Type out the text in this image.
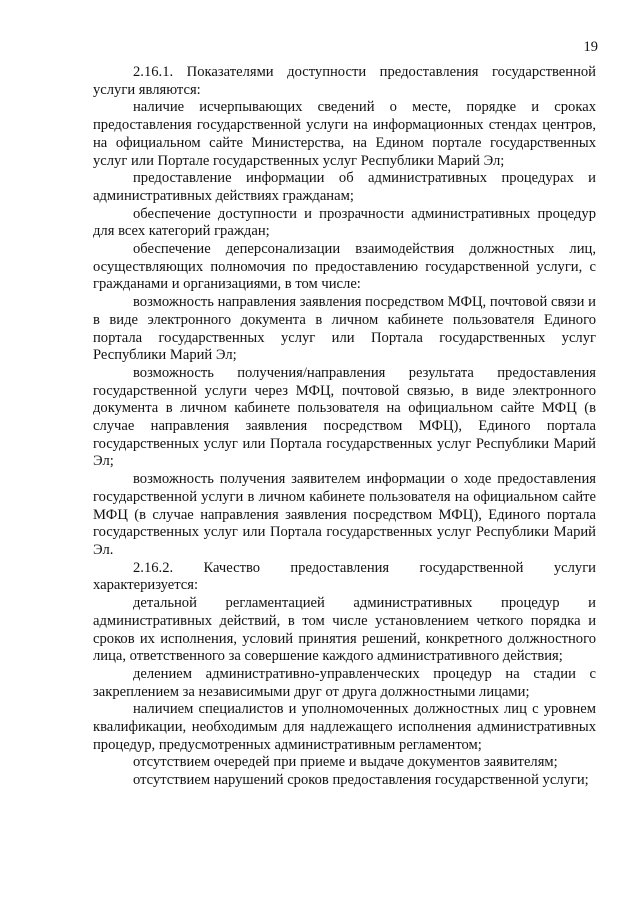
19

2.16.1. Показателями доступности предоставления государственной услуги являются:

наличие исчерпывающих сведений о месте, порядке и сроках предоставления государственной услуги на информационных стендах центров, на официальном сайте Министерства, на Едином портале государственных услуг или Портале государственных услуг Республики Марий Эл;

предоставление информации об административных процедурах и административных действиях гражданам;

обеспечение доступности и прозрачности административных процедур для всех категорий граждан;

обеспечение деперсонализации взаимодействия должностных лиц, осуществляющих полномочия по предоставлению государственной услуги, с гражданами и организациями, в том числе:

возможность направления заявления посредством МФЦ, почтовой связи и в виде электронного документа в личном кабинете пользователя Единого портала государственных услуг или Портала государственных услуг Республики Марий Эл;

возможность получения/направления результата предоставления государственной услуги через МФЦ, почтовой связью, в виде электронного документа в личном кабинете пользователя на официальном сайте МФЦ (в случае направления заявления посредством МФЦ), Единого портала государственных услуг или Портала государственных услуг Республики Марий Эл;

возможность получения заявителем информации о ходе предоставления государственной услуги в личном кабинете пользователя на официальном сайте МФЦ (в случае направления заявления посредством МФЦ), Единого портала государственных услуг или Портала государственных услуг Республики Марий Эл.

2.16.2. Качество предоставления государственной услуги характеризуется:

детальной регламентацией административных процедур и административных действий, в том числе установлением четкого порядка и сроков их исполнения, условий принятия решений, конкретного должностного лица, ответственного за совершение каждого административного действия;

делением административно-управленческих процедур на стадии с закреплением за независимыми друг от друга должностными лицами;

наличием специалистов и уполномоченных должностных лиц с уровнем квалификации, необходимым для надлежащего исполнения административных процедур, предусмотренных административным регламентом;

отсутствием очередей при приеме и выдаче документов заявителям;

отсутствием нарушений сроков предоставления государственной услуги;
